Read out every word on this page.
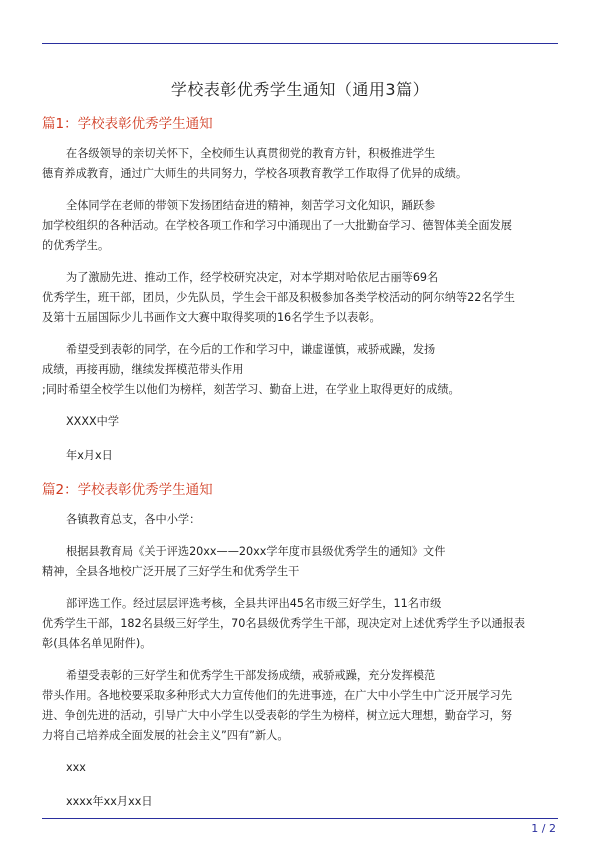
学校表彰优秀学生通知（通用3篇）
篇1：学校表彰优秀学生通知
在各级领导的亲切关怀下，全校师生认真贯彻党的教育方针，积极推进学生
德育养成教育，通过广大师生的共同努力，学校各项教育教学工作取得了优异的成绩。
全体同学在老师的带领下发扬团结奋进的精神，刻苦学习文化知识，踊跃参
加学校组织的各种活动。在学校各项工作和学习中涌现出了一大批勤奋学习、德智体美全面发展
的优秀学生。
为了激励先进、推动工作，经学校研究决定，对本学期对哈依尼古丽等69名
优秀学生，班干部，团员，少先队员，学生会干部及积极参加各类学校活动的阿尔纳等22名学生
及第十五届国际少儿书画作文大赛中取得奖项的16名学生予以表彰。
希望受到表彰的同学，在今后的工作和学习中，谦虚谨慎，戒骄戒躁，发扬
成绩，再接再励，继续发挥模范带头作用
;同时希望全校学生以他们为榜样，刻苦学习、勤奋上进，在学业上取得更好的成绩。
XXXX中学
年x月x日
篇2：学校表彰优秀学生通知
各镇教育总支，各中小学：
根据县教育局《关于评选20xx——20xx学年度市县级优秀学生的通知》文件
精神，全县各地校广泛开展了三好学生和优秀学生干
部评选工作。经过层层评选考核，全县共评出45名市级三好学生，11名市级
优秀学生干部，182名县级三好学生，70名县级优秀学生干部，现决定对上述优秀学生予以通报表
彰(具体名单见附件)。
希望受表彰的三好学生和优秀学生干部发扬成绩，戒骄戒躁，充分发挥模范
带头作用。各地校要采取多种形式大力宣传他们的先进事迹，在广大中小学生中广泛开展学习先
进、争创先进的活动，引导广大中小学生以受表彰的学生为榜样，树立远大理想，勤奋学习，努
力将自己培养成全面发展的社会主义”四有”新人。
xxx
xxxx年xx月xx日
1 / 2
